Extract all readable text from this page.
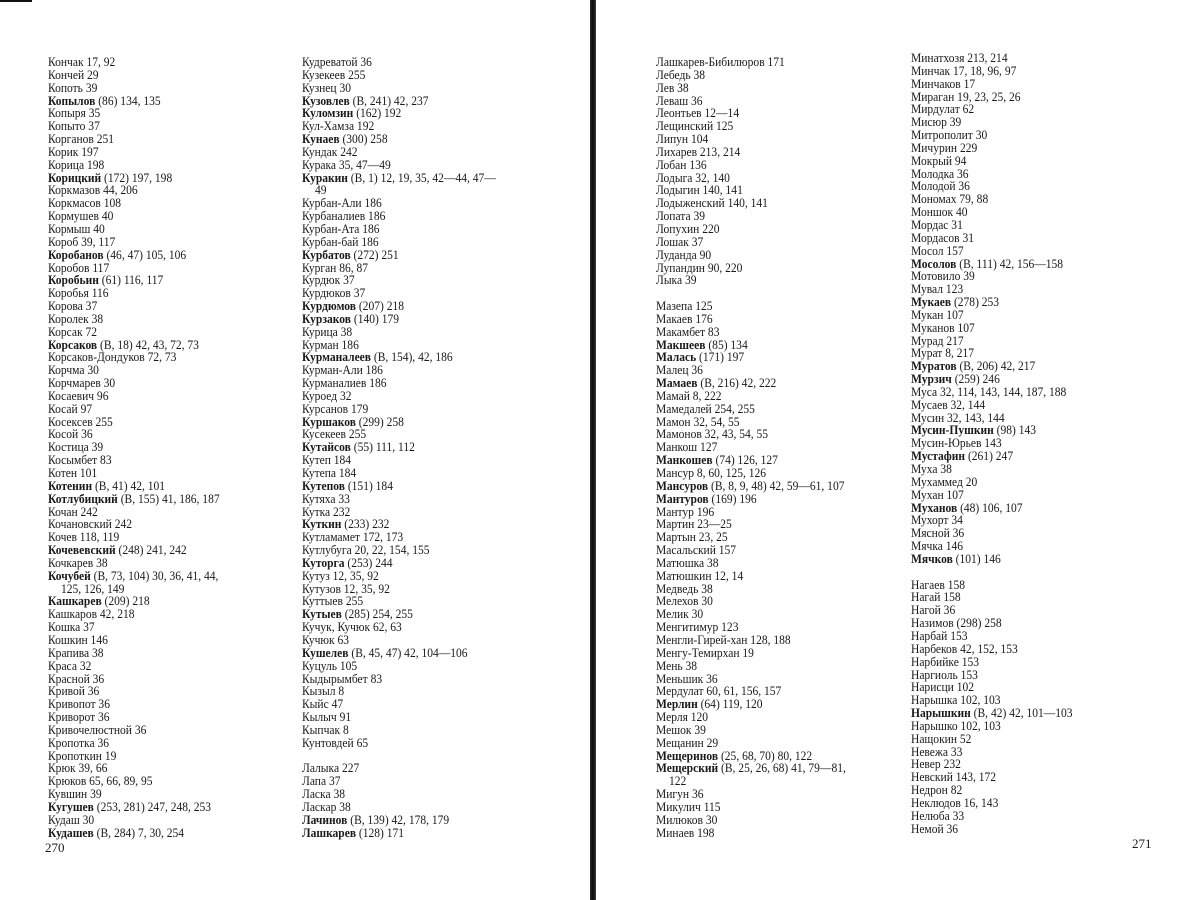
Кончак 17, 92
Кончей 29
Копоть 39
Копылов (86) 134, 135
Копыря 35
Копыто 37
Корганов 251
Корик 197
Корица 198
Корицкий (172) 197, 198
Коркмазов 44, 206
Коркмасов 108
Кормушев 40
Кормыш 40
Короб 39, 117
Коробанов (46, 47) 105, 106
Коробов 117
Коробьин (61) 116, 117
Коробья 116
Корова 37
Королек 38
Корсак 72
Корсаков (В, 18) 42, 43, 72, 73
Корсаков-Дондуков 72, 73
Корчма 30
Корчмарев 30
Косаевич 96
Косай 97
Косексев 255
Косой 36
Костица 39
Косымбет 83
Котен 101
Котенин (В, 41) 42, 101
Котлубицкий (В, 155) 41, 186, 187
Кочан 242
Кочановский 242
Кочев 118, 119
Кочевевский (248) 241, 242
Кочкарев 38
Кочубей (В, 73, 104) 30, 36, 41, 44,
125, 126, 149
Кашкарев (209) 218
Кашкаров 42, 218
Кошка 37
Кошкин 146
Крапива 38
Краса 32
Красной 36
Кривой 36
Кривопот 36
Криворот 36
Кривочелюстной 36
Кропотка 36
Кропоткин 19
Крюк 39, 66
Крюков 65, 66, 89, 95
Кувшин 39
Кугушев (253, 281) 247, 248, 253
Кудаш 30
Кудашев (В, 284) 7, 30, 254
Кудреватой 36
Кузекеев 255
Кузнец 30
Кузовлев (В, 241) 42, 237
Куломзин (162) 192
Кул-Хамза 192
Кунаев (300) 258
Кундак 242
Курака 35, 47—49
Куракин (В, 1) 12, 19, 35, 42—44, 47—
49
Курбан-Али 186
Курбаналиев 186
Курбан-Ата 186
Курбан-бай 186
Курбатов (272) 251
Курган 86, 87
Курдюк 37
Курдюков 37
Курдюмов (207) 218
Курзаков (140) 179
Курица 38
Курман 186
Курманалеев (В, 154), 42, 186
Курман-Али 186
Курманалиев 186
Куроед 32
Курсанов 179
Куршаков (299) 258
Кусекеев 255
Кутайсов (55) 111, 112
Кутеп 184
Кутепа 184
Кутепов (151) 184
Кутяха 33
Кутка 232
Куткин (233) 232
Кутламамет 172, 173
Кутлубуга 20, 22, 154, 155
Куторга (253) 244
Кутуз 12, 35, 92
Кутузов 12, 35, 92
Куттыев 255
Кутыев (285) 254, 255
Кучук, Кучюк 62, 63
Кучюк 63
Кушелев (В, 45, 47) 42, 104—106
Куцуль 105
Кыдырымбет 83
Кызыл 8
Кыйс 47
Кылыч 91
Кыпчак 8
Кунтовдей 65
Лалыка 227
Лапа 37
Ласка 38
Ласкар 38
Лачинов (В, 139) 42, 178, 179
Лашкарев (128) 171
270
Лашкарев-Бибилюров 171
Лебедь 38
Лев 38
Леваш 36
Леонтьев 12—14
Лещинский 125
Липун 104
Лихарев 213, 214
Лобан 136
Лодыга 32, 140
Лодыгин 140, 141
Лодыженский 140, 141
Лопата 39
Лопухин 220
Лошак 37
Луданда 90
Лупандин 90, 220
Лыка 39
Мазепа 125
Макаев 176
Макамбет 83
Макшеев (85) 134
Малась (171) 197
Малец 36
Мамаев (В, 216) 42, 222
Мамай 8, 222
Мамедалей 254, 255
Мамон 32, 54, 55
Мамонов 32, 43, 54, 55
Манкош 127
Манкошев (74) 126, 127
Мансур 8, 60, 125, 126
Мансуров (В, 8, 9, 48) 42, 59—61, 107
Мантуров (169) 196
Мантур 196
Мартин 23—25
Мартын 23, 25
Масальский 157
Матюшка 38
Матюшкин 12, 14
Медведь 38
Мелехов 30
Мелик 30
Менгитимур 123
Менгли-Гирей-хан 128, 188
Менгу-Темирхан 19
Мень 38
Меньшик 36
Мердулат 60, 61, 156, 157
Мерлин (64) 119, 120
Мерля 120
Мешок 39
Мещанин 29
Мещеринов (25, 68, 70) 80, 122
Мещерский (В, 25, 26, 68) 41, 79—81,
122
Мигун 36
Микулич 115
Милюков 30
Минаев 198
Минатхозя 213, 214
Минчак 17, 18, 96, 97
Минчаков 17
Мираган 19, 23, 25, 26
Мирдулат 62
Мисюр 39
Митрополит 30
Мичурин 229
Мокрый 94
Молодка 36
Молодой 36
Мономах 79, 88
Моншок 40
Мордас 31
Мордасов 31
Мосол 157
Мосолов (В, 111) 42, 156—158
Мотовило 39
Мувал 123
Мукаев (278) 253
Мукан 107
Муканов 107
Мурад 217
Мурат 8, 217
Муратов (В, 206) 42, 217
Мурзич (259) 246
Муса 32, 114, 143, 144, 187, 188
Мусаев 32, 144
Мусин 32, 143, 144
Мусин-Пушкин (98) 143
Мусин-Юрьев 143
Мустафин (261) 247
Муха 38
Мухаммед 20
Мухан 107
Муханов (48) 106, 107
Мухорт 34
Мясной 36
Мячка 146
Мячков (101) 146
Нагаев 158
Нагай 158
Нагой 36
Назимов (298) 258
Нарбай 153
Нарбеков 42, 152, 153
Нарбийке 153
Наргиоль 153
Нарисци 102
Нарышка 102, 103
Нарышкин (В, 42) 42, 101—103
Нарышко 102, 103
Нащокин 52
Невежа 33
Невер 232
Невский 143, 172
Недрон 82
Неклюдов 16, 143
Нелюба 33
Немой 36
271
